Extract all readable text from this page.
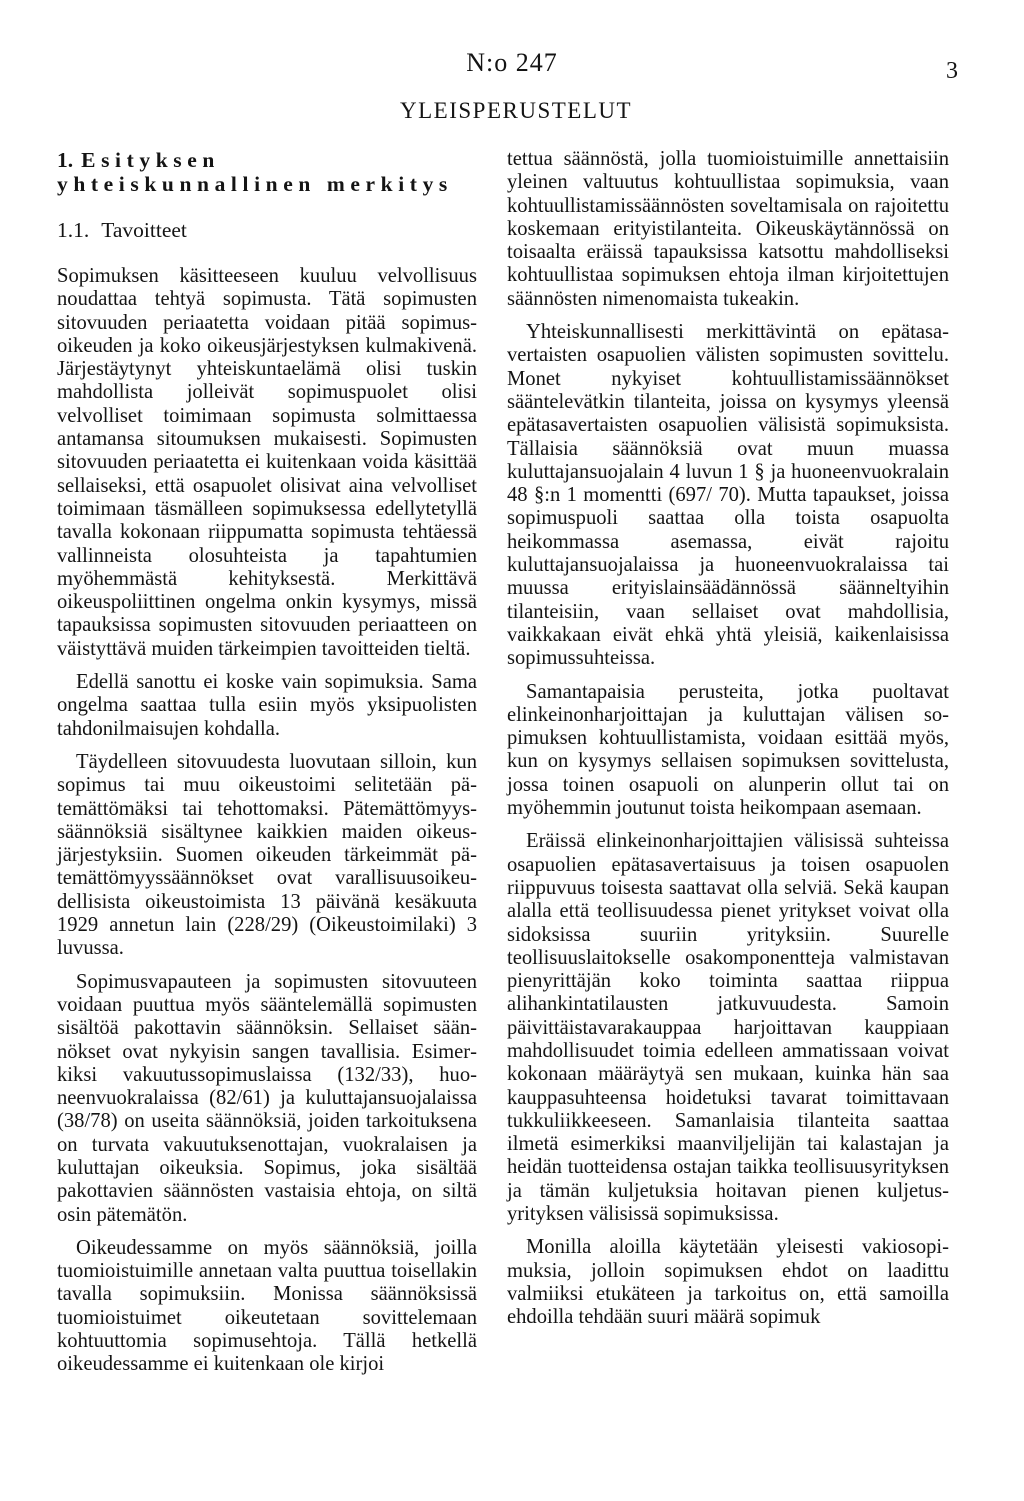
N:o 247	3
YLEISPERUSTELUT
1. Esityksen yhteiskunnallinen merkitys
1.1. Tavoitteet

Sopimuksen käsitteeseen kuuluu velvollisuus noudattaa tehtyä sopimusta. Tätä sopimusten sitovuuden periaatetta voidaan pitää sopimusoikeuden ja koko oikeusjärjestyksen kulmakivenä. Järjestäytynyt yhteiskuntaelämä olisi tuskin mahdollista jolleivät sopimuspuolet olisi velvolliset toimimaan sopimusta solmittaessa antamansa sitoumuksen mukaisesti. Sopimusten sitovuuden periaatetta ei kuitenkaan voida käsittää sellaiseksi, että osapuolet olisivat aina velvolliset toimimaan täsmälleen sopimuksessa edellytetyllä tavalla kokonaan riippumatta sopimusta tehtäessä vallinneista olosuhteista ja tapahtumien myöhemmästä kehityksestä. Merkittävä oikeuspoliittinen ongelma onkin kysymys, missä tapauksissa sopimusten sitovuuden periaatteen on väistyttävä muiden tärkeimpien tavoitteiden tieltä.

Edellä sanottu ei koske vain sopimuksia. Sama ongelma saattaa tulla esiin myös yksipuolisten tahdonilmaisujen kohdalla.

Täydelleen sitovuudesta luovutaan silloin, kun sopimus tai muu oikeustoimi selitetään pätemättömäksi tai tehottomaksi. Pätemättömyyssäännöksiä sisältynee kaikkien maiden oikeusjärjestyksiin. Suomen oikeuden tärkeimmät pätemättömyyssäännökset ovat varallisuusoikeudellisista oikeustoimista 13 päivänä kesäkuuta 1929 annetun lain (228/29) (Oikeustoimilaki) 3 luvussa.

Sopimusvapauteen ja sopimusten sitovuuteen voidaan puuttua myös sääntelemällä sopimusten sisältöä pakottavin säännöksin. Sellaiset säännökset ovat nykyisin sangen tavallisia. Esimerkiksi vakuutussopimuslaissa (132/33), huoneenvuokralaissa (82/61) ja kuluttajansuojalaissa (38/78) on useita säännöksiä, joiden tarkoituksena on turvata vakuutuksenottajan, vuokralaisen ja kuluttajan oikeuksia. Sopimus, joka sisältää pakottavien säännösten vastaisia ehtoja, on siltä osin pätemätön.

Oikeudessamme on myös säännöksiä, joilla tuomioistuimille annetaan valta puuttua toisellakin tavalla sopimuksiin. Monissa säännöksissä tuomioistuimet oikeutetaan sovittelemaan kohtuuttomia sopimusehtoja. Tällä hetkellä oikeudessamme ei kuitenkaan ole kirjoi

tettua säännöstä, jolla tuomioistuimille annettaisiin yleinen valtuutus kohtuullistaa sopimuksia, vaan kohtuullistamissäännösten soveltamisala on rajoitettu koskemaan erityistilanteita. Oikeuskäytännössä on toisaalta eräissä tapauksissa katsottu mahdolliseksi kohtuullistaa sopimuksen ehtoja ilman kirjoitettujen säännösten nimenomaista tukeakin.

Yhteiskunnallisesti merkittävintä on epätasavertaisten osapuolien välisten sopimusten sovittelu. Monet nykyiset kohtuullistamissäännökset sääntelevätkin tilanteita, joissa on kysymys yleensä epätasavertaisten osapuolien välisistä sopimuksista. Tällaisia säännöksiä ovat muun muassa kuluttajansuojalain 4 luvun 1 § ja huoneenvuokralain 48 §:n 1 momentti (697/ 70). Mutta tapaukset, joissa sopimuspuoli saattaa olla toista osapuolta heikommassa asemassa, eivät rajoitu kuluttajansuojalaissa ja huoneenvuokralaissa tai muussa erityislainsäädännössä säänneltyihin tilanteisiin, vaan sellaiset ovat mahdollisia, vaikkakaan eivät ehkä yhtä yleisiä, kaikenlaisissa sopimussuhteissa.

Samantapaisia perusteita, jotka puoltavat elinkeinonharjoittajan ja kuluttajan välisen sopimuksen kohtuullistamista, voidaan esittää myös, kun on kysymys sellaisen sopimuksen sovittelusta, jossa toinen osapuoli on alunperin ollut tai on myöhemmin joutunut toista heikompaan asemaan.

Eräissä elinkeinonharjoittajien välisissä suhteissa osapuolien epätasavertaisuus ja toisen osapuolen riippuvuus toisesta saattavat olla selviä. Sekä kaupan alalla että teollisuudessa pienet yritykset voivat olla sidoksissa suuriin yrityksiin. Suurelle teollisuuslaitokselle osakomponentteja valmistavan pienyrittäjän koko toiminta saattaa riippua alihankintatilausten jatkuvuudesta. Samoin päivittäistavarakauppaa harjoittavan kauppiaan mahdollisuudet toimia edelleen ammatissaan voivat kokonaan määräytyä sen mukaan, kuinka hän saa kauppasuhteensa hoidetuksi tavarat toimittavaan tukkuliikkeeseen. Samanlaisia tilanteita saattaa ilmetä esimerkiksi maanviljelijän tai kalastajan ja heidän tuotteidensa ostajan taikka teollisuusyrityksen ja tämän kuljetuksia hoitavan pienen kuljetusyrityksen välisissä sopimuksissa.

Monilla aloilla käytetään yleisesti vakiosopimuksia, jolloin sopimuksen ehdot on laadittu valmiiksi etukäteen ja tarkoitus on, että samoilla ehdoilla tehdään suuri määrä sopimuk
